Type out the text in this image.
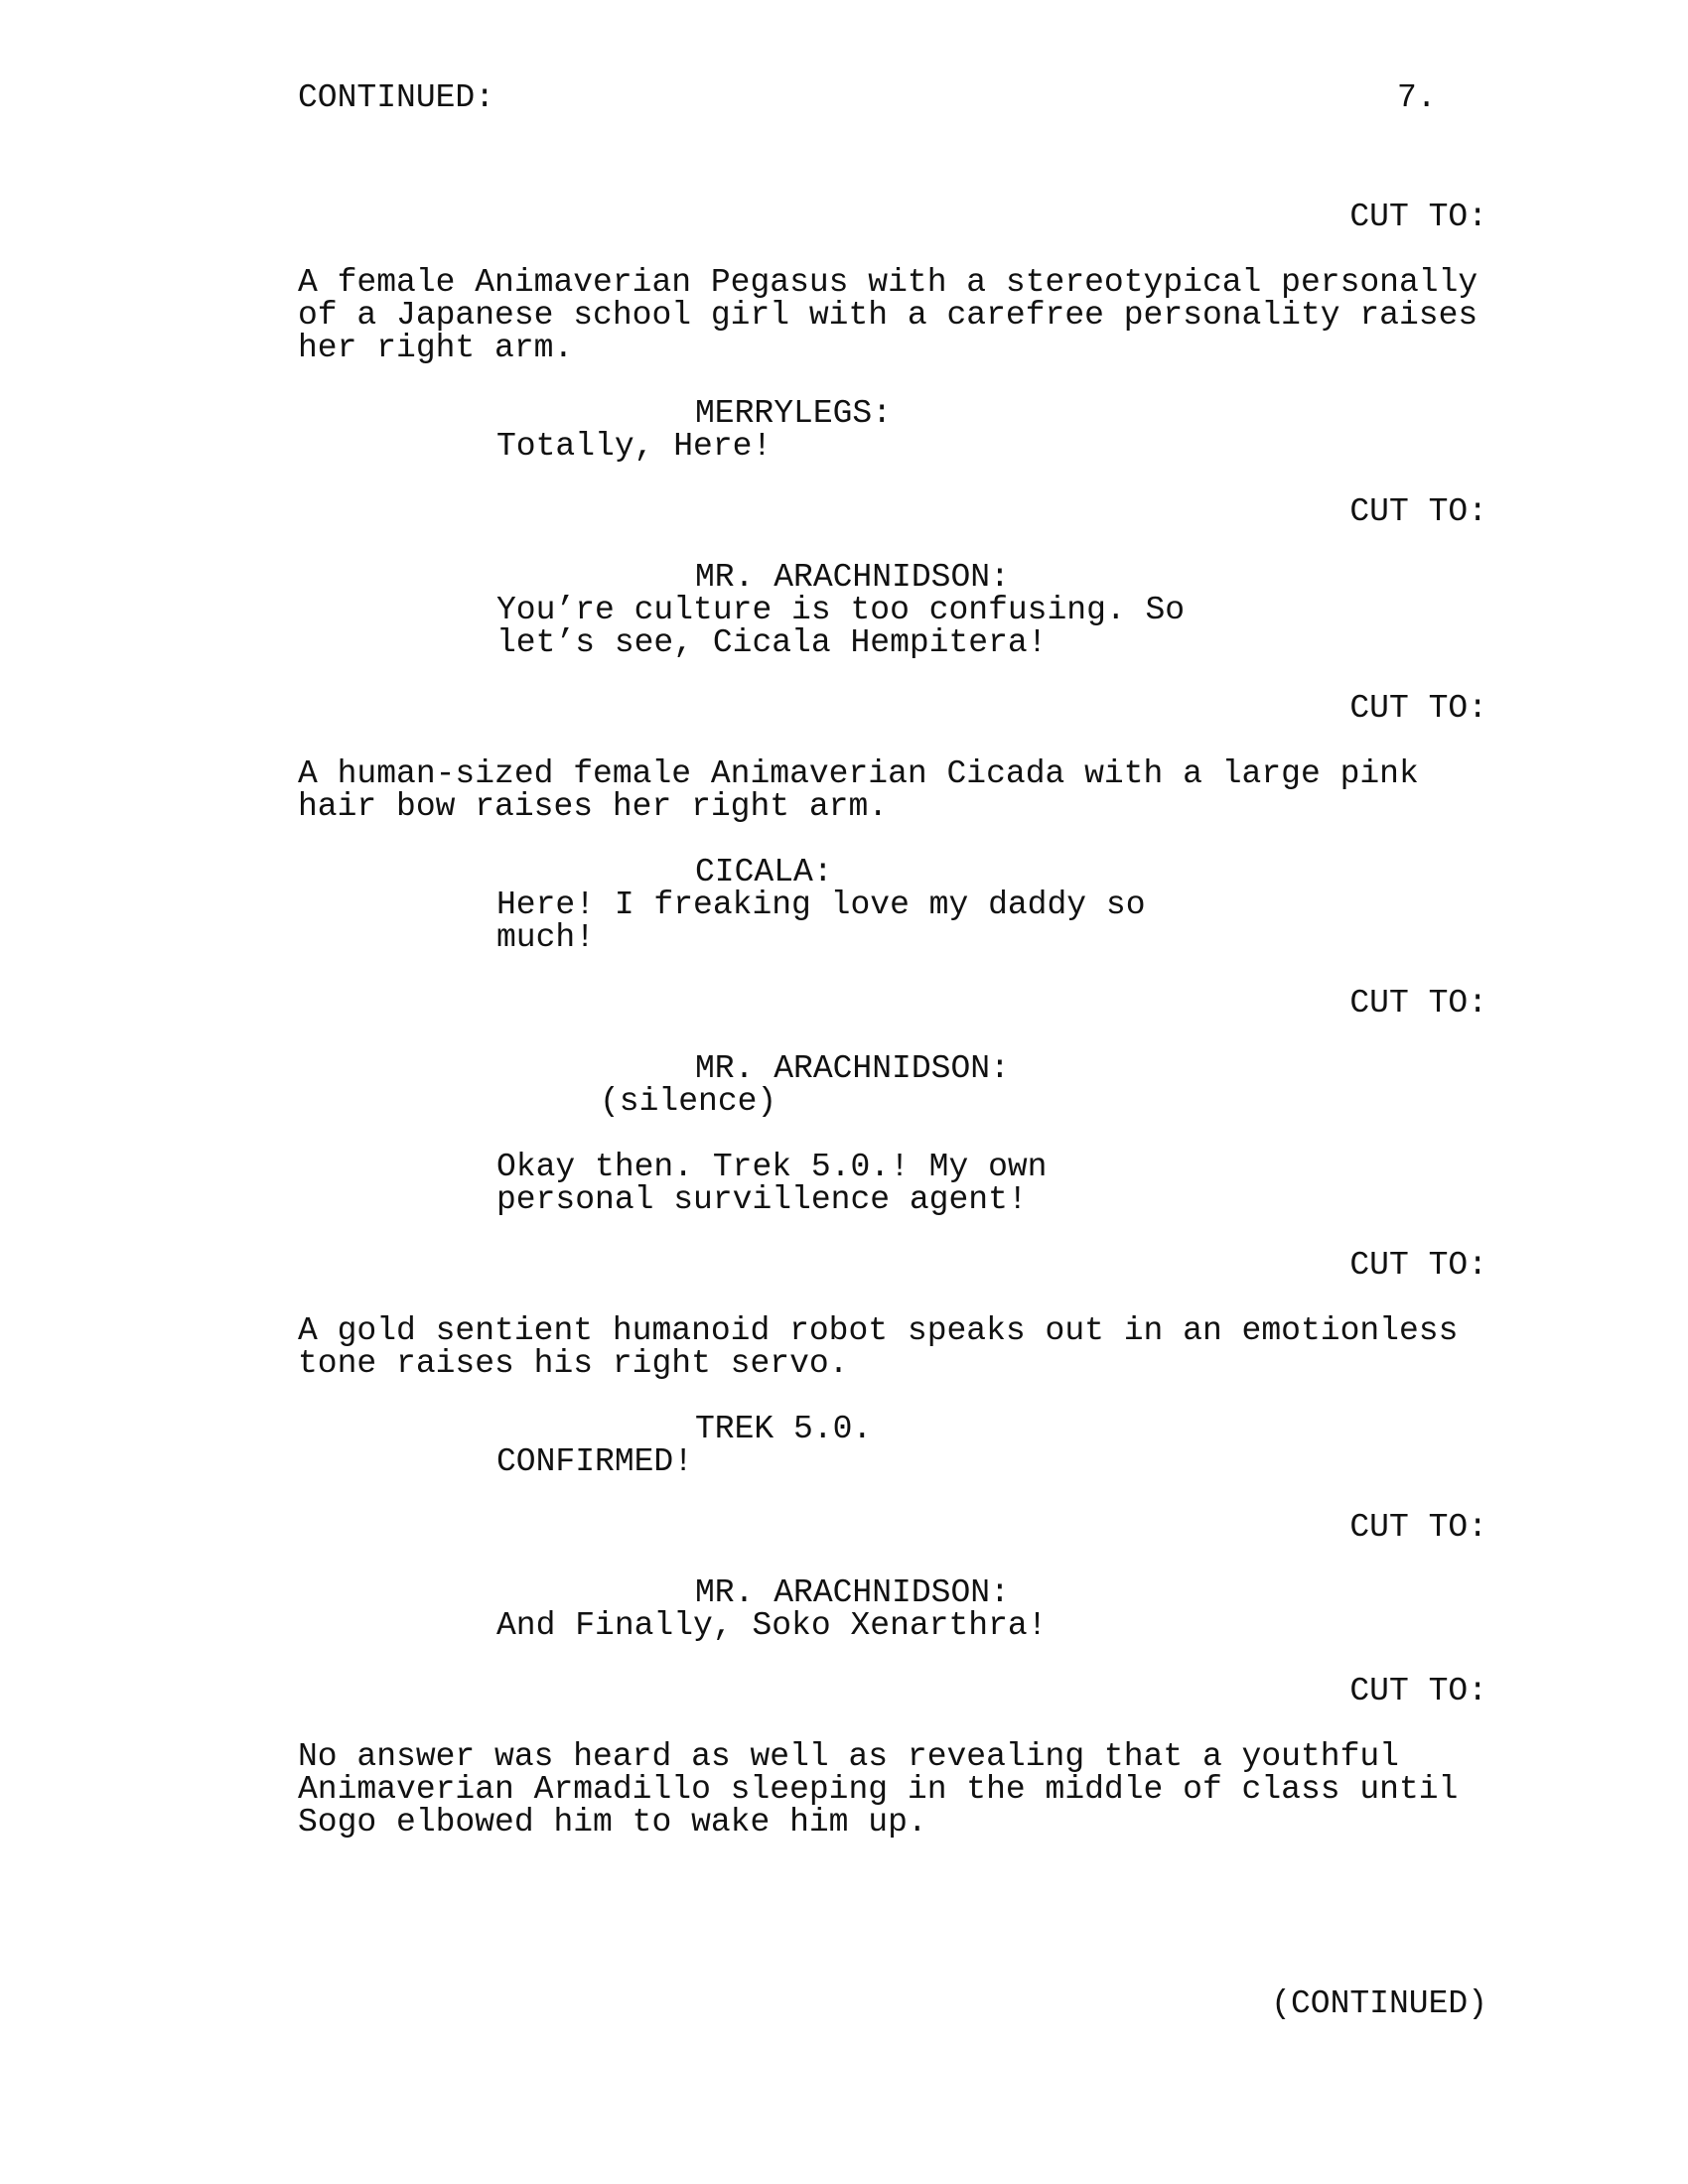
CONTINUED:	7.
CUT TO:
A female Animaverian Pegasus with a stereotypical personally
of a Japanese school girl with a carefree personality raises
her right arm.
MERRYLEGS:
Totally, Here!
CUT TO:
MR. ARACHNIDSON:
You’re culture is too confusing. So
let’s see, Cicala Hempitera!
CUT TO:
A human-sized female Animaverian Cicada with a large pink
hair bow raises her right arm.
CICALA:
Here! I freaking love my daddy so
much!
CUT TO:
MR. ARACHNIDSON:
(silence)
Okay then. Trek 5.0.! My own
personal survillence agent!
CUT TO:
A gold sentient humanoid robot speaks out in an emotionless
tone raises his right servo.
TREK 5.0.
CONFIRMED!
CUT TO:
MR. ARACHNIDSON:
And Finally, Soko Xenarthra!
CUT TO:
No answer was heard as well as revealing that a youthful
Animaverian Armadillo sleeping in the middle of class until
Sogo elbowed him to wake him up.
(CONTINUED)
